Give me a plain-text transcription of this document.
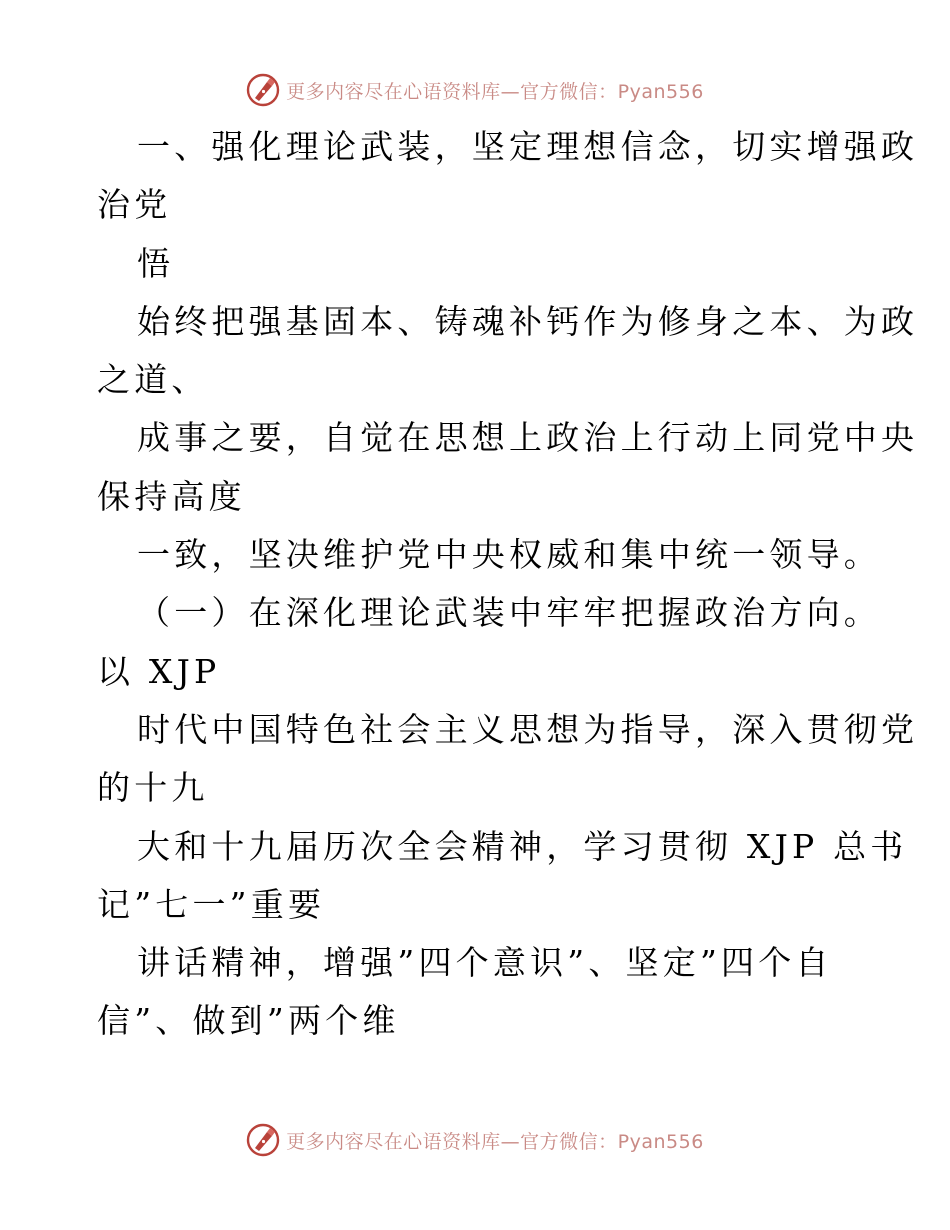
更多内容尽在心语资料库—官方微信：Pyan556
一、强化理论武装，坚定理想信念，切实增强政
治党
悟
始终把强基固本、铸魂补钙作为修身之本、为政
之道、
成事之要，自觉在思想上政治上行动上同党中央
保持高度
一致，坚决维护党中央权威和集中统一领导。
（一）在深化理论武装中牢牢把握政治方向。
以 XJP
时代中国特色社会主义思想为指导，深入贯彻党
的十九
大和十九届历次全会精神，学习贯彻 XJP 总书
记”七一”重要
讲话精神，增强”四个意识”、坚定”四个自
信”、做到”两个维
更多内容尽在心语资料库—官方微信：Pyan556
